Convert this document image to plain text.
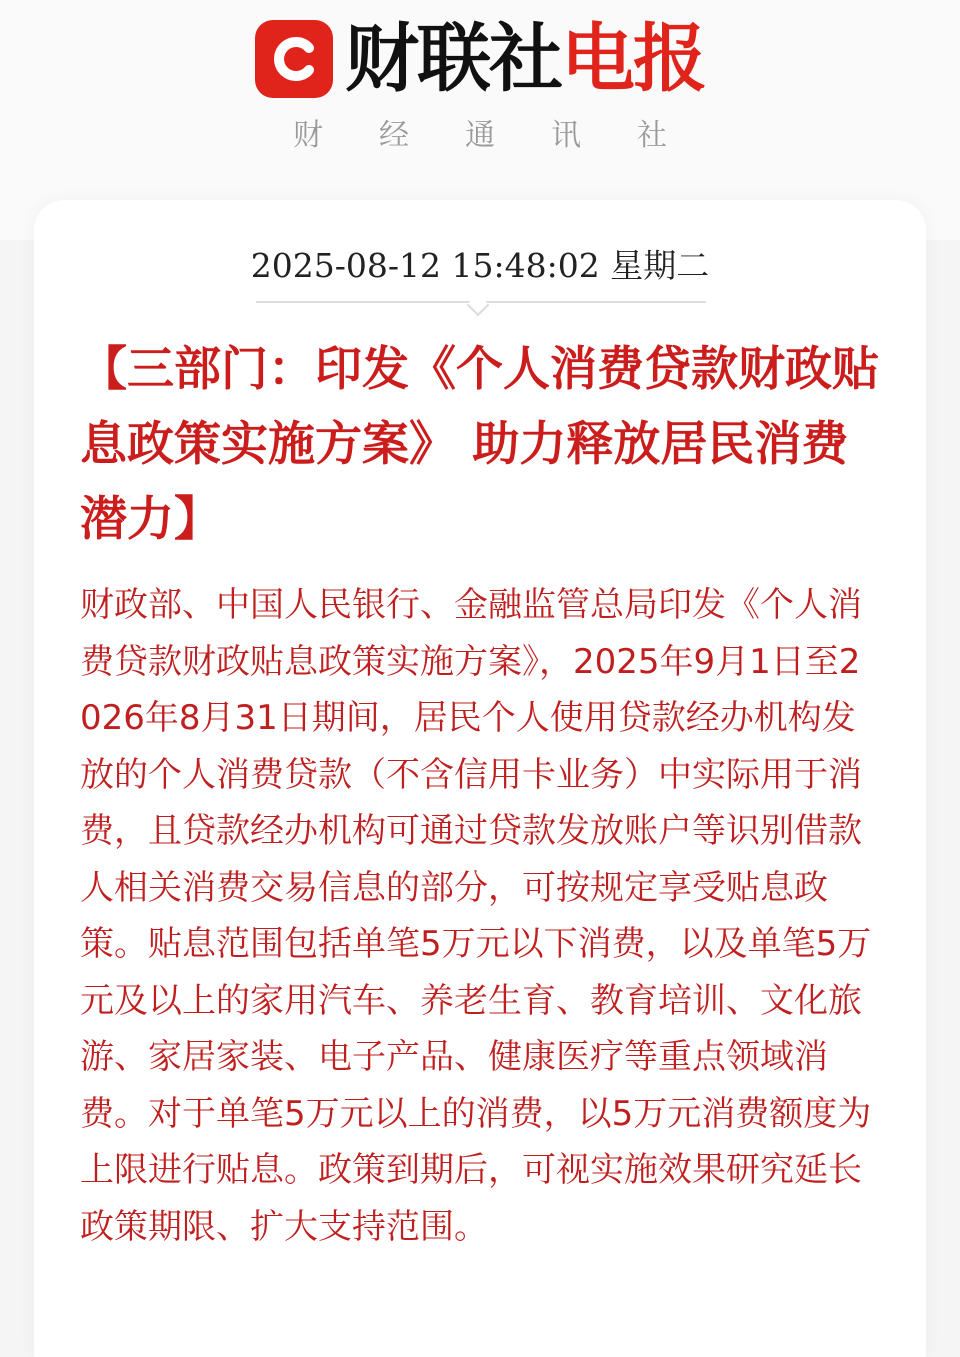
财联社 电报
财经通讯社
2025-08-12 15:48:02 星期二
【三部门：印发《个人消费贷款财政贴息政策实施方案》 助力释放居民消费潜力】

财政部、中国人民银行、金融监管总局印发《个人消费贷款财政贴息政策实施方案》，2025年9月1日至2026年8月31日期间，居民个人使用贷款经办机构发放的个人消费贷款（不含信用卡业务）中实际用于消费，且贷款经办机构可通过贷款发放账户等识别借款人相关消费交易信息的部分，可按规定享受贴息政策。贴息范围包括单笔5万元以下消费，以及单笔5万元及以上的家用汽车、养老生育、教育培训、文化旅游、家居家装、电子产品、健康医疗等重点领域消费。对于单笔5万元以上的消费，以5万元消费额度为上限进行贴息。政策到期后，可视实施效果研究延长政策期限、扩大支持范围。
